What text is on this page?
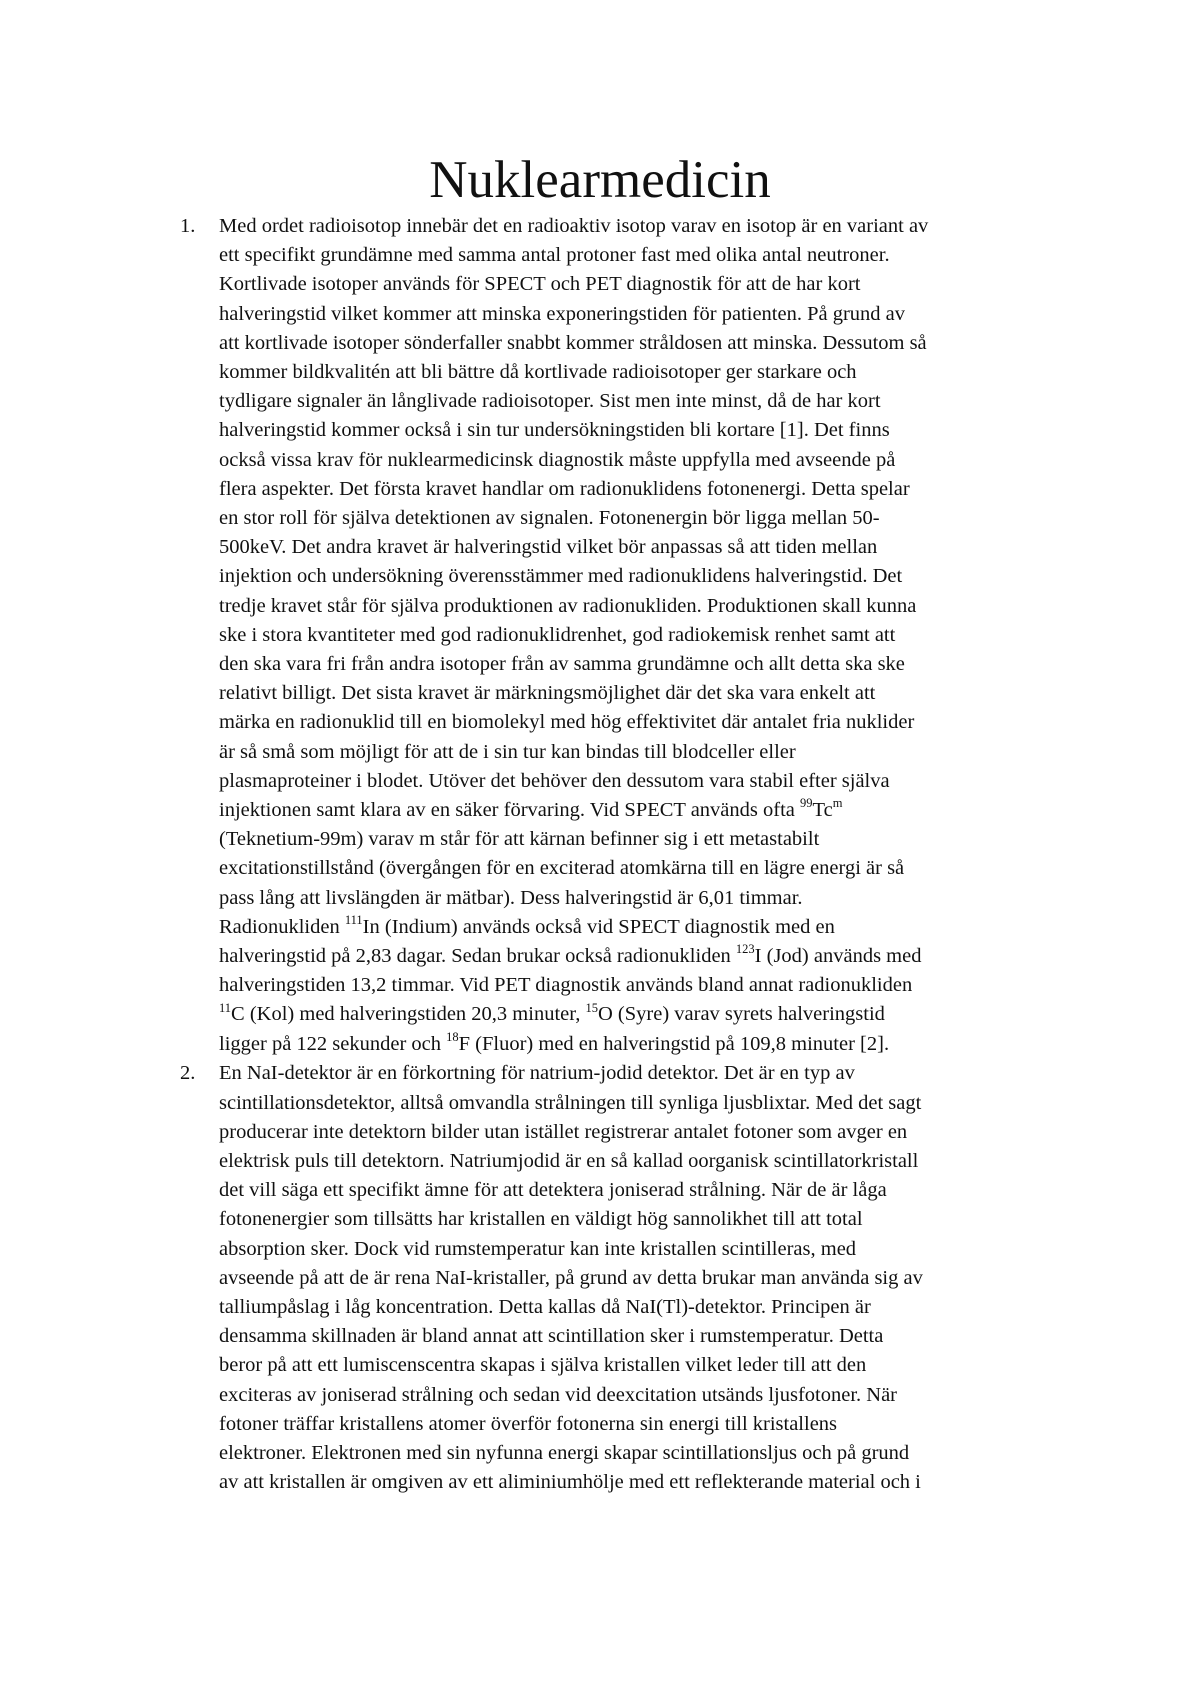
Nuklearmedicin
1. Med ordet radioisotop innebär det en radioaktiv isotop varav en isotop är en variant av
ett specifikt grundämne med samma antal protoner fast med olika antal neutroner.
Kortlivade isotoper används för SPECT och PET diagnostik för att de har kort
halveringstid vilket kommer att minska exponeringstiden för patienten. På grund av
att kortlivade isotoper sönderfaller snabbt kommer stråldosen att minska. Dessutom så
kommer bildkvalitén att bli bättre då kortlivade radioisotoper ger starkare och
tydligare signaler än långlivade radioisotoper. Sist men inte minst, då de har kort
halveringstid kommer också i sin tur undersökningstiden bli kortare [1]. Det finns
också vissa krav för nuklearmedicinsk diagnostik måste uppfylla med avseende på
flera aspekter. Det första kravet handlar om radionuklidens fotonenergi. Detta spelar
en stor roll för själva detektionen av signalen. Fotonenergin bör ligga mellan 50-
500keV. Det andra kravet är halveringstid vilket bör anpassas så att tiden mellan
injektion och undersökning överensstämmer med radionuklidens halveringstid. Det
tredje kravet står för själva produktionen av radionukliden. Produktionen skall kunna
ske i stora kvantiteter med god radionuklidrenhet, god radiokemisk renhet samt att
den ska vara fri från andra isotoper från av samma grundämne och allt detta ska ske
relativt billigt. Det sista kravet är märkningsmöjlighet där det ska vara enkelt att
märka en radionuklid till en biomolekyl med hög effektivitet där antalet fria nuklider
är så små som möjligt för att de i sin tur kan bindas till blodceller eller
plasmaproteiner i blodet. Utöver det behöver den dessutom vara stabil efter själva
injektionen samt klara av en säker förvaring. Vid SPECT används ofta $^{99}$Tc$^m$
(Teknetium-99m) varav m står för att kärnan befinner sig i ett metastabilt
excitationstillstånd (övergången för en exciterad atomkärna till en lägre energi är så
pass lång att livslängden är mätbar). Dess halveringstid är 6,01 timmar.
Radionukliden $^{111}$In (Indium) används också vid SPECT diagnostik med en
halveringstid på 2,83 dagar. Sedan brukar också radionukliden $^{123}$I (Jod) används med
halveringstiden 13,2 timmar. Vid PET diagnostik används bland annat radionukliden
$^{11}$C (Kol) med halveringstiden 20,3 minuter, $^{15}$O (Syre) varav syrets halveringstid
ligger på 122 sekunder och $^{18}$F (Fluor) med en halveringstid på 109,8 minuter [2].
2. En NaI-detektor är en förkortning för natrium-jodid detektor. Det är en typ av
scintillationsdetektor, alltså omvandla strålningen till synliga ljusblixtar. Med det sagt
producerar inte detektorn bilder utan istället registrerar antalet fotoner som avger en
elektrisk puls till detektorn. Natriumjodid är en så kallad oorganisk scintillatorkristall
det vill säga ett specifikt ämne för att detektera joniserad strålning. När de är låga
fotonenergier som tillsätts har kristallen en väldigt hög sannolikhet till att total
absorption sker. Dock vid rumstemperatur kan inte kristallen scintilleras, med
avseende på att de är rena NaI-kristaller, på grund av detta brukar man använda sig av
talliumpåslag i låg koncentration. Detta kallas då NaI(Tl)-detektor. Principen är
densamma skillnaden är bland annat att scintillation sker i rumstemperatur. Detta
beror på att ett lumiscenscentra skapas i själva kristallen vilket leder till att den
exciteras av joniserad strålning och sedan vid deexcitation utsänds ljusfotoner. När
fotoner träffar kristallens atomer överför fotonerna sin energi till kristallens
elektroner. Elektronen med sin nyfunna energi skapar scintillationsljus och på grund
av att kristallen är omgiven av ett aliminiumhölje med ett reflekterande material och i
